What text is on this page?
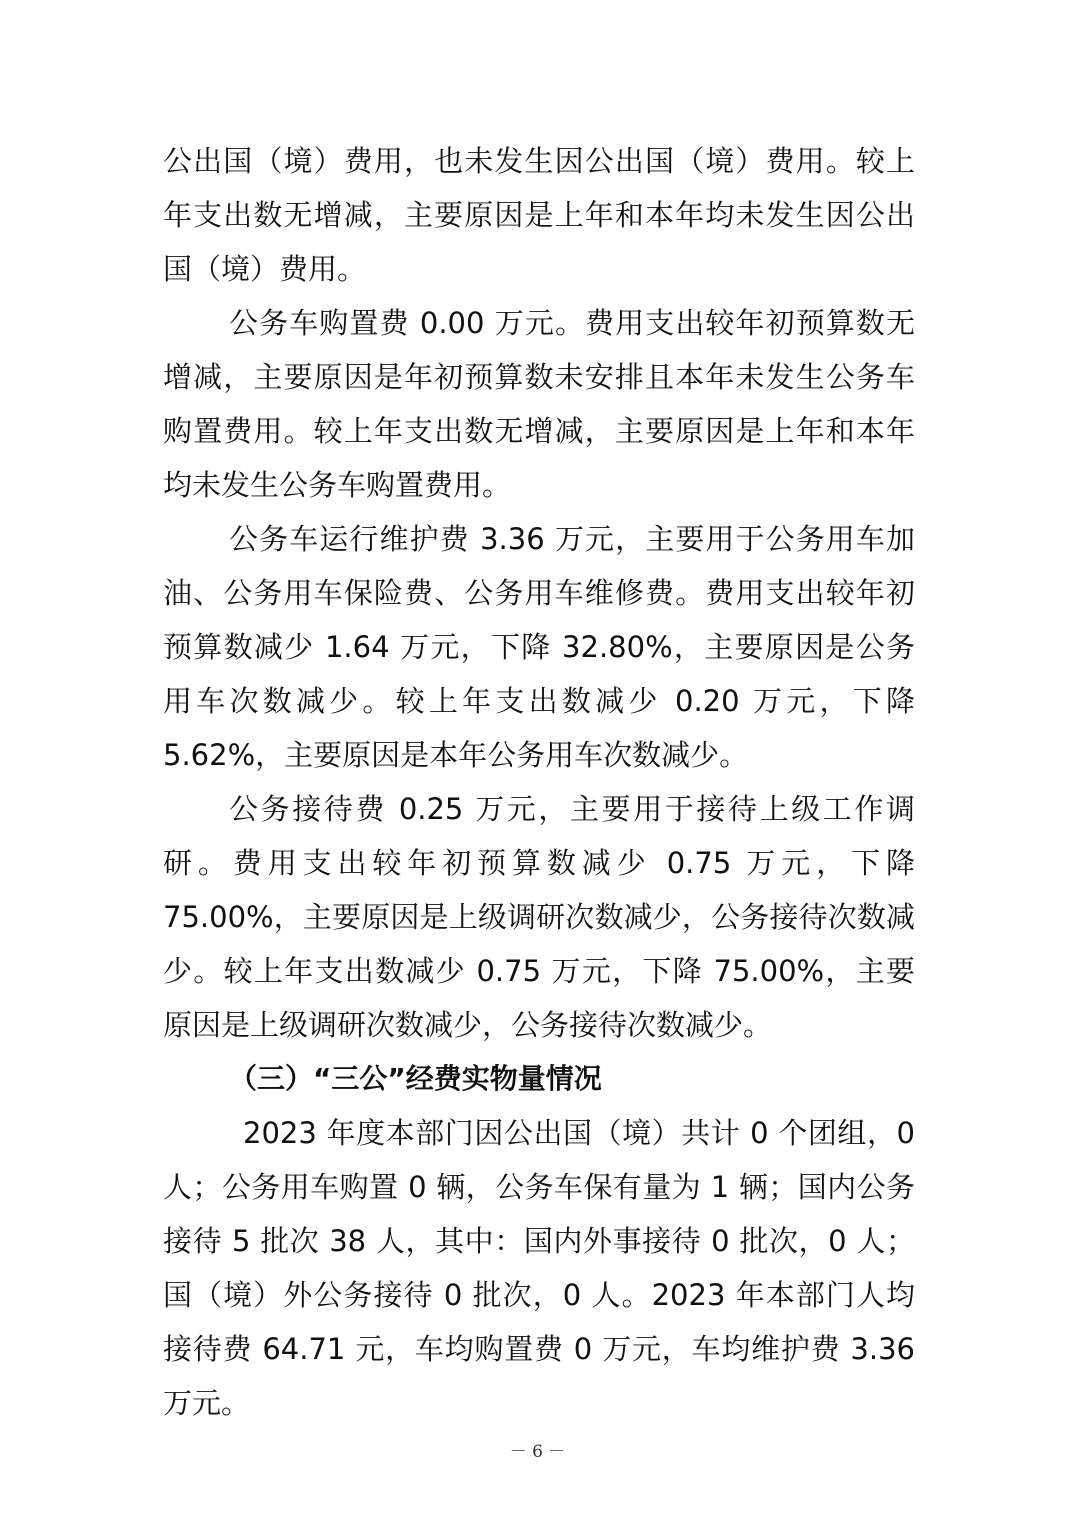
公出国（境）费用，也未发生因公出国（境）费用。较上年支出数无增减，主要原因是上年和本年均未发生因公出国（境）费用。

公务车购置费 0.00 万元。费用支出较年初预算数无增减，主要原因是年初预算数未安排且本年未发生公务车购置费用。较上年支出数无增减，主要原因是上年和本年均未发生公务车购置费用。

公务车运行维护费 3.36 万元，主要用于公务用车加油、公务用车保险费、公务用车维修费。费用支出较年初预算数减少 1.64 万元，下降 32.80%，主要原因是公务用车次数减少。较上年支出数减少 0.20 万元，下降 5.62%，主要原因是本年公务用车次数减少。

公务接待费 0.25 万元，主要用于接待上级工作调研。费用支出较年初预算数减少 0.75 万元，下降 75.00%，主要原因是上级调研次数减少，公务接待次数减少。较上年支出数减少 0.75 万元，下降 75.00%，主要原因是上级调研次数减少，公务接待次数减少。

（三）“三公”经费实物量情况

2023 年度本部门因公出国（境）共计 0 个团组，0 人；公务用车购置 0 辆，公务车保有量为 1 辆；国内公务接待 5 批次 38 人，其中：国内外事接待 0 批次，0 人；国（境）外公务接待 0 批次，0 人。2023 年本部门人均接待费 64.71 元，车均购置费 0 万元，车均维护费 3.36 万元。

－ 6 －
